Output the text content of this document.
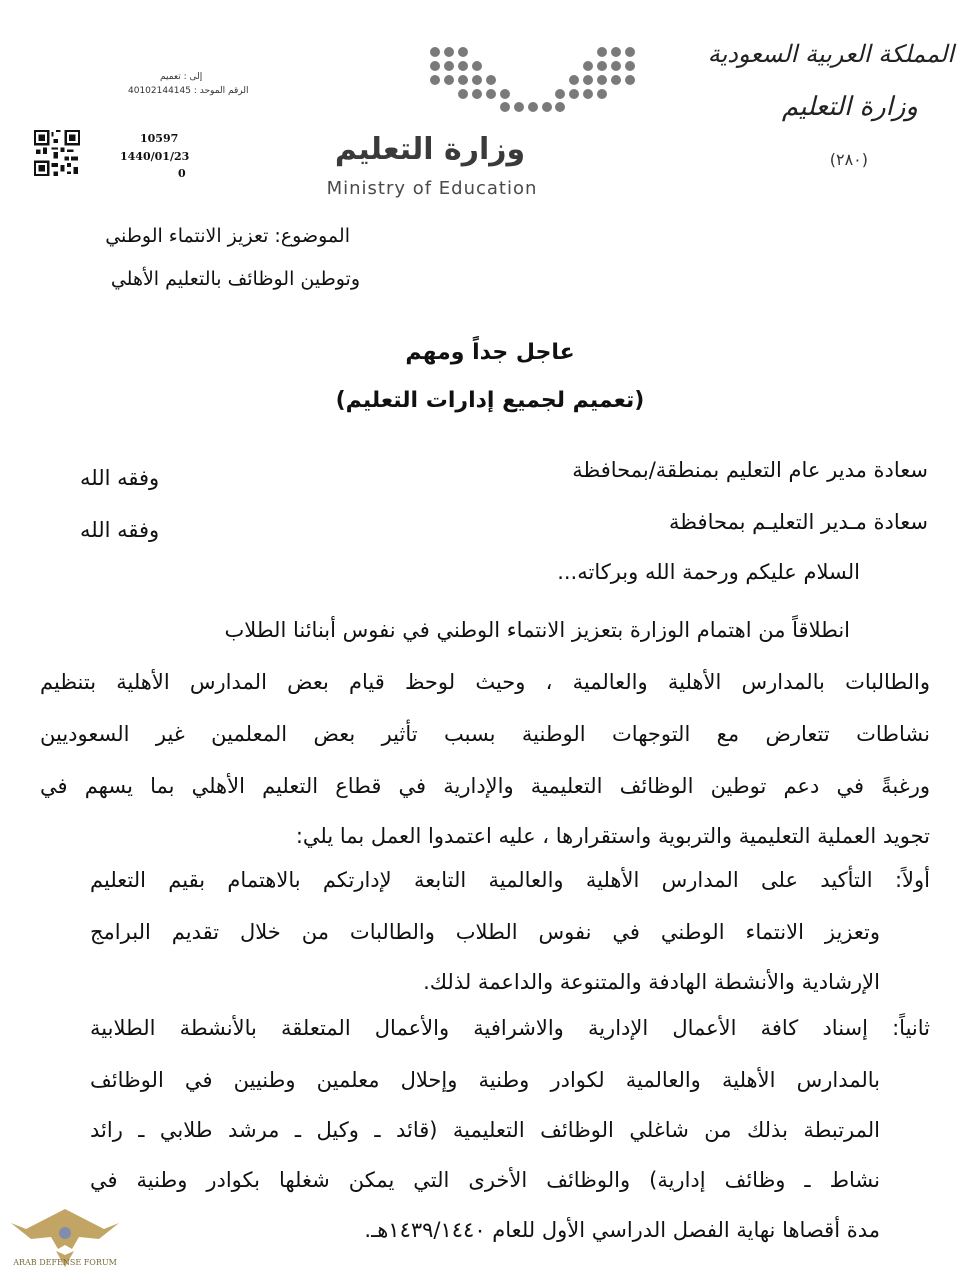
المملكة العربية السعودية
وزارة التعليم
(٢٨٠)
وزارة التعليم
Ministry of Education
إلى : تعميم
الرقم الموحد : 40102144145
10597
1440/01/23
0
الموضوع: تعزيز الانتماء الوطني
وتوطين الوظائف بالتعليم الأهلي
عاجل جداً ومهم
(تعميم لجميع إدارات التعليم)
سعادة مدير عام التعليم بمنطقة/بمحافظة
وفقه الله
سعادة مـدير التعليـم بمحافظة
وفقه الله
السلام عليكم ورحمة الله وبركاته...
انطلاقاً من اهتمام الوزارة بتعزيز الانتماء الوطني في نفوس أبنائنا الطلاب
والطالبات بالمدارس الأهلية والعالمية ، وحيث لوحظ قيام بعض المدارس الأهلية بتنظيم
نشاطات تتعارض مع التوجهات الوطنية بسبب تأثير بعض المعلمين غير السعوديين
ورغبةً في دعم توطين الوظائف التعليمية والإدارية في قطاع التعليم الأهلي بما يسهم في
تجويد العملية التعليمية والتربوية واستقرارها ، عليه اعتمدوا العمل بما يلي:
أولاً: التأكيد على المدارس الأهلية والعالمية التابعة لإدارتكم بالاهتمام بقيم التعليم
وتعزيز الانتماء الوطني في نفوس الطلاب والطالبات من خلال تقديم البرامج
الإرشادية والأنشطة الهادفة والمتنوعة والداعمة لذلك.
ثانياً: إسناد كافة الأعمال الإدارية والاشرافية والأعمال المتعلقة بالأنشطة الطلابية
بالمدارس الأهلية والعالمية لكوادر وطنية وإحلال معلمين وطنيين في الوظائف
المرتبطة بذلك من شاغلي الوظائف التعليمية (قائد ـ وكيل ـ مرشد طلابي ـ رائد
نشاط ـ وظائف إدارية) والوظائف الأخرى التي يمكن شغلها بكوادر وطنية في
مدة أقصاها نهاية الفصل الدراسي الأول للعام ١٤٣٩/١٤٤٠هـ.
ARAB DEFENSE FORUM
